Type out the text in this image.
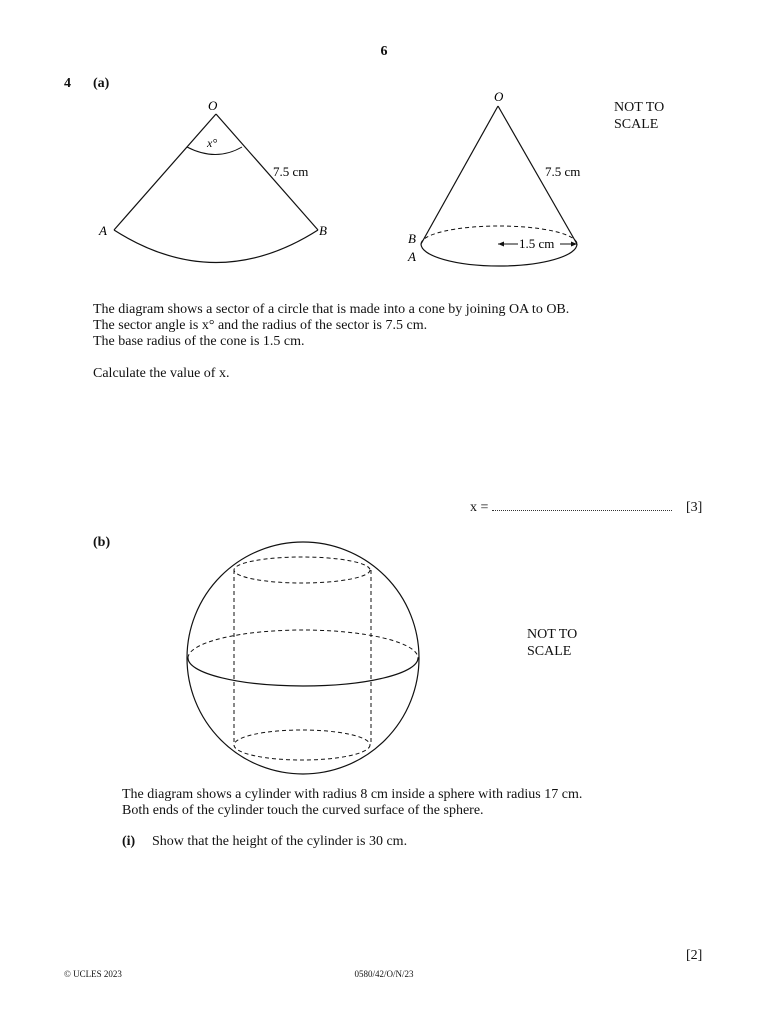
6
4 (a)
O
x°
7.5 cm
A	B
O
7.5 cm
1.5 cm
B
A
NOT TO
SCALE
The diagram shows a sector of a circle that is made into a cone by joining OA to OB.
The sector angle is x° and the radius of the sector is 7.5 cm.
The base radius of the cone is 1.5 cm.
Calculate the value of x.
x =	[3]
(b)
NOT TO
SCALE
The diagram shows a cylinder with radius 8 cm inside a sphere with radius 17 cm.
Both ends of the cylinder touch the curved surface of the sphere.
(i) Show that the height of the cylinder is 30 cm.
[2]
© UCLES 2023	0580/42/O/N/23
